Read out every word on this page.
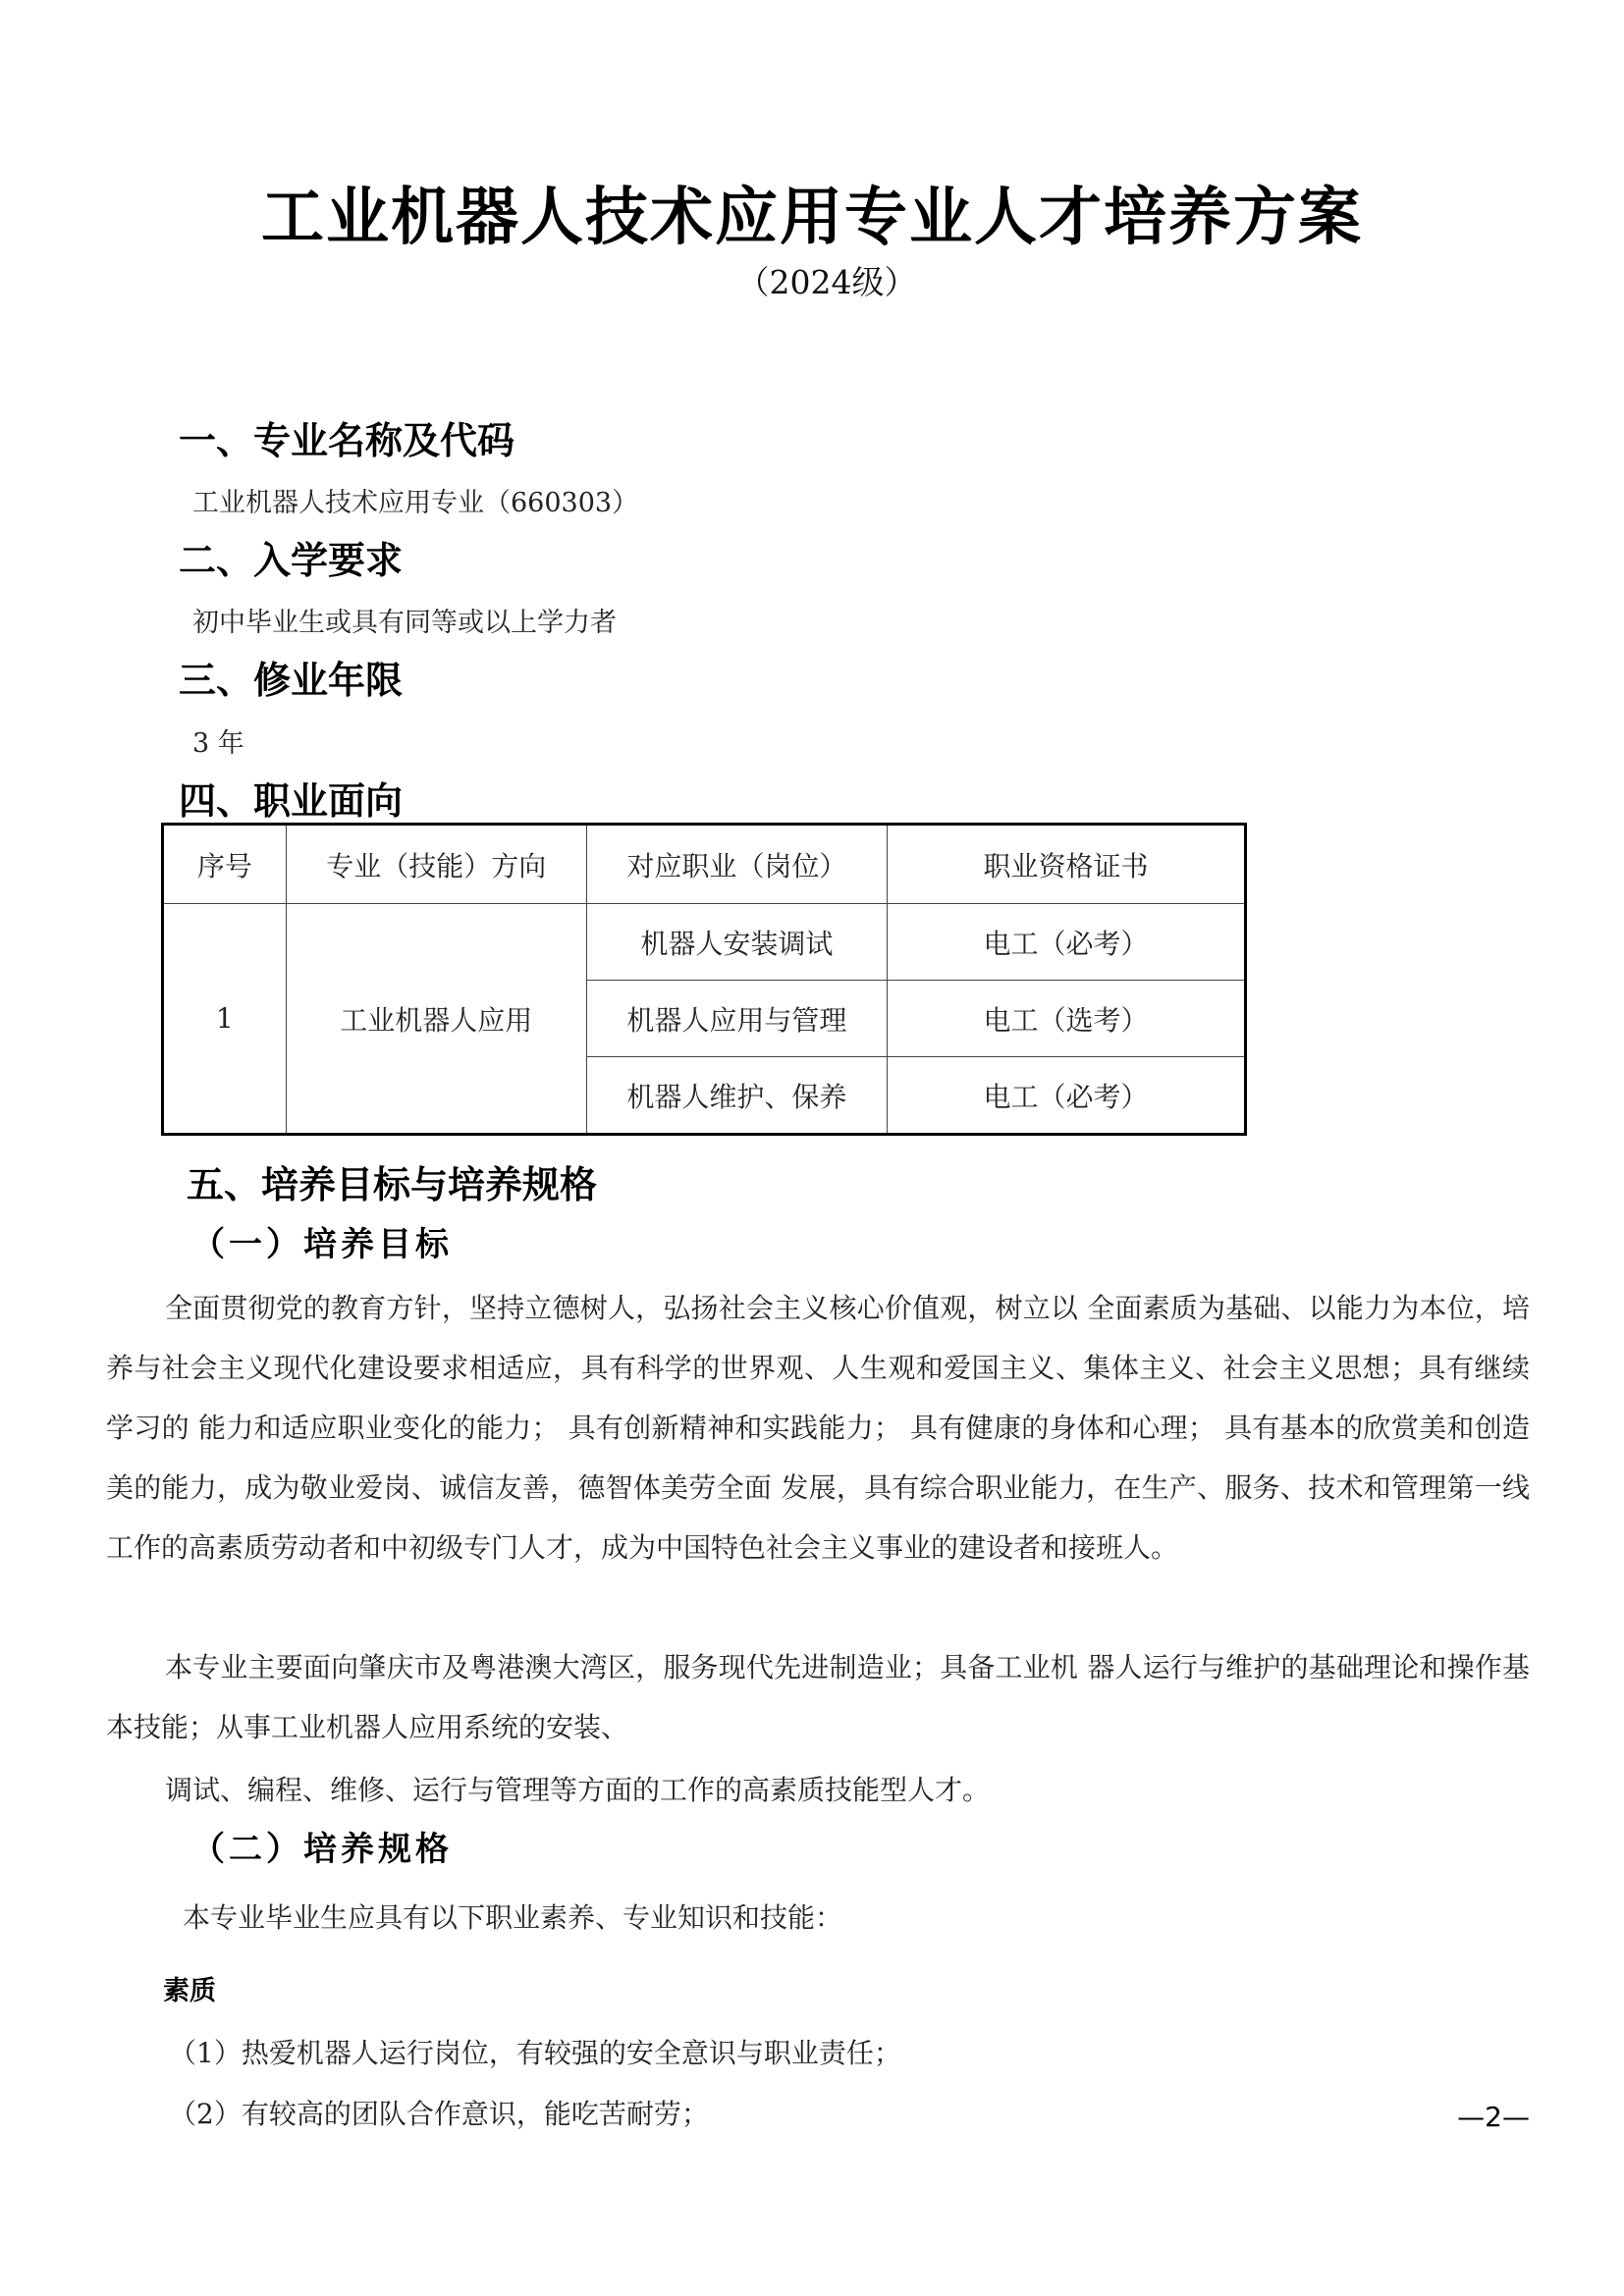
工业机器人技术应用专业人才培养方案
（2024级）
一、专业名称及代码
工业机器人技术应用专业（660303）
二、入学要求
初中毕业生或具有同等或以上学力者
三、修业年限
3 年
四、职业面向
序号	专业（技能）方向	对应职业（岗位）	职业资格证书
1	工业机器人应用	机器人安装调试	电工（必考）
		机器人应用与管理	电工（选考）
		机器人维护、保养	电工（必考）
五、培养目标与培养规格
（一）培养目标
全面贯彻党的教育方针，坚持立德树人，弘扬社会主义核心价值观，树立以 全面素质为基础、以能力为本位，培养与社会主义现代化建设要求相适应，具有科学的世界观、人生观和爱国主义、集体主义、社会主义思想；具有继续学习的 能力和适应职业变化的能力； 具有创新精神和实践能力； 具有健康的身体和心理； 具有基本的欣赏美和创造美的能力，成为敬业爱岗、诚信友善，德智体美劳全面 发展，具有综合职业能力，在生产、服务、技术和管理第一线工作的高素质劳动者和中初级专门人才，成为中国特色社会主义事业的建设者和接班人。
本专业主要面向肇庆市及粤港澳大湾区，服务现代先进制造业；具备工业机 器人运行与维护的基础理论和操作基本技能；从事工业机器人应用系统的安装、
调试、编程、维修、运行与管理等方面的工作的高素质技能型人才。
（二）培养规格
本专业毕业生应具有以下职业素养、专业知识和技能：
素质
（1）热爱机器人运行岗位，有较强的安全意识与职业责任；
（2）有较高的团队合作意识，能吃苦耐劳；	—2—
